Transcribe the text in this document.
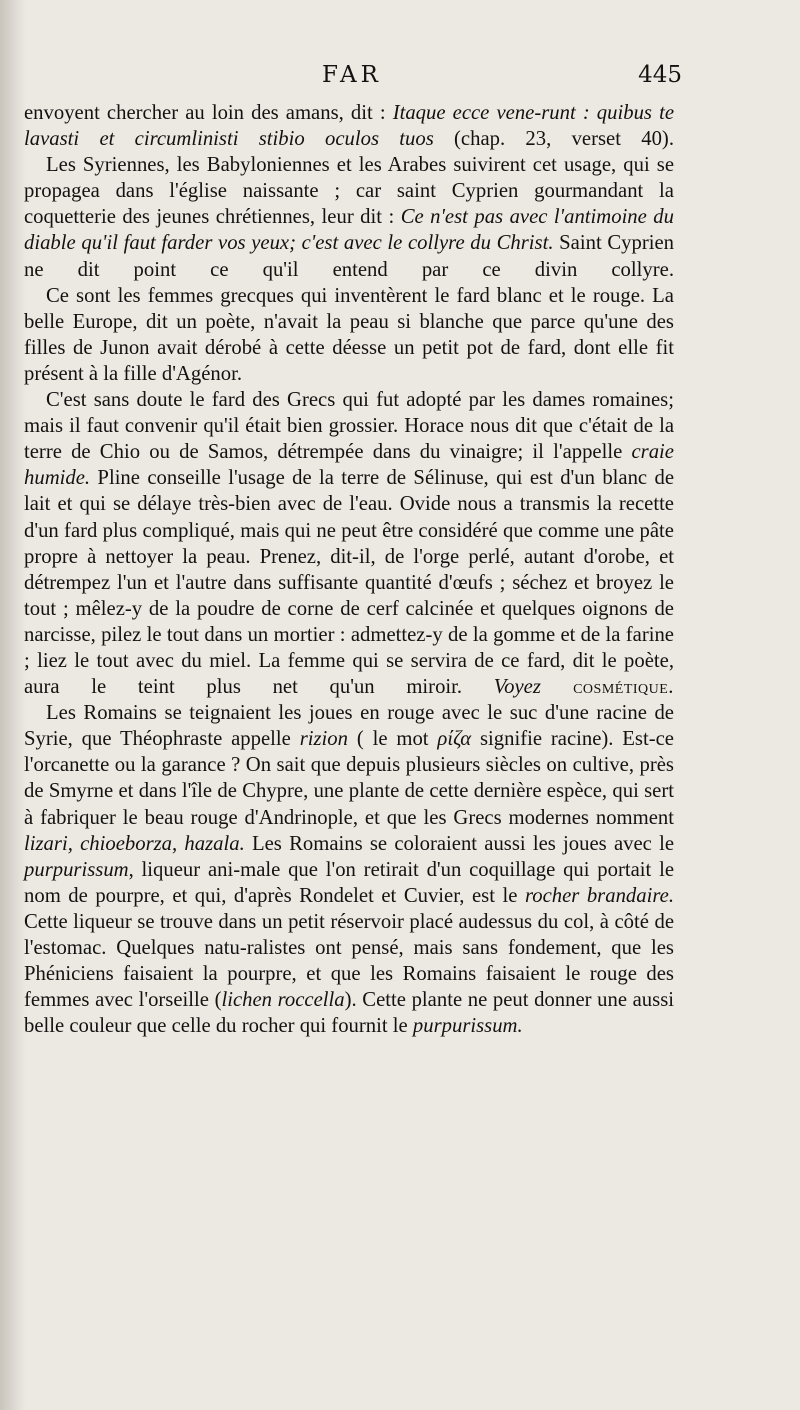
FAR	445

envoyent chercher au loin des amans, dit : Itaque ecce vene-runt : quibus te lavasti et circumlinisti stibio oculos tuos (chap. 23, verset 40).

Les Syriennes, les Babyloniennes et les Arabes suivirent cet usage, qui se propagea dans l'église naissante ; car saint Cyprien gourmandant la coquetterie des jeunes chrétiennes, leur dit : Ce n'est pas avec l'antimoine du diable qu'il faut farder vos yeux; c'est avec le collyre du Christ. Saint Cyprien ne dit point ce qu'il entend par ce divin collyre.

Ce sont les femmes grecques qui inventèrent le fard blanc et le rouge. La belle Europe, dit un poète, n'avait la peau si blanche que parce qu'une des filles de Junon avait dérobé à cette déesse un petit pot de fard, dont elle fit présent à la fille d'Agénor.

C'est sans doute le fard des Grecs qui fut adopté par les dames romaines; mais il faut convenir qu'il était bien grossier. Horace nous dit que c'était de la terre de Chio ou de Samos, détrempée dans du vinaigre; il l'appelle craie humide. Pline conseille l'usage de la terre de Sélinuse, qui est d'un blanc de lait et qui se délaye très-bien avec de l'eau. Ovide nous a transmis la recette d'un fard plus compliqué, mais qui ne peut être considéré que comme une pâte propre à nettoyer la peau. Prenez, dit-il, de l'orge perlé, autant d'orobe, et détrempez l'un et l'autre dans suffisante quantité d'œufs ; séchez et broyez le tout ; mêlez-y de la poudre de corne de cerf calcinée et quelques oignons de narcisse, pilez le tout dans un mortier : admettez-y de la gomme et de la farine ; liez le tout avec du miel. La femme qui se servira de ce fard, dit le poète, aura le teint plus net qu'un miroir. Voyez cosmétique.

Les Romains se teignaient les joues en rouge avec le suc d'une racine de Syrie, que Théophraste appelle rizion ( le mot ρίζα signifie racine). Est-ce l'orcanette ou la garance ? On sait que depuis plusieurs siècles on cultive, près de Smyrne et dans l'île de Chypre, une plante de cette dernière espèce, qui sert à fabriquer le beau rouge d'Andrinople, et que les Grecs modernes nomment lizari, chioeborza, hazala. Les Romains se coloraient aussi les joues avec le purpurissum, liqueur ani-male que l'on retirait d'un coquillage qui portait le nom de pourpre, et qui, d'après Rondelet et Cuvier, est le rocher brandaire. Cette liqueur se trouve dans un petit réservoir placé audessus du col, à côté de l'estomac. Quelques natu-ralistes ont pensé, mais sans fondement, que les Phéniciens faisaient la pourpre, et que les Romains faisaient le rouge des femmes avec l'orseille (lichen roccella). Cette plante ne peut donner une aussi belle couleur que celle du rocher qui fournit le purpurissum.
